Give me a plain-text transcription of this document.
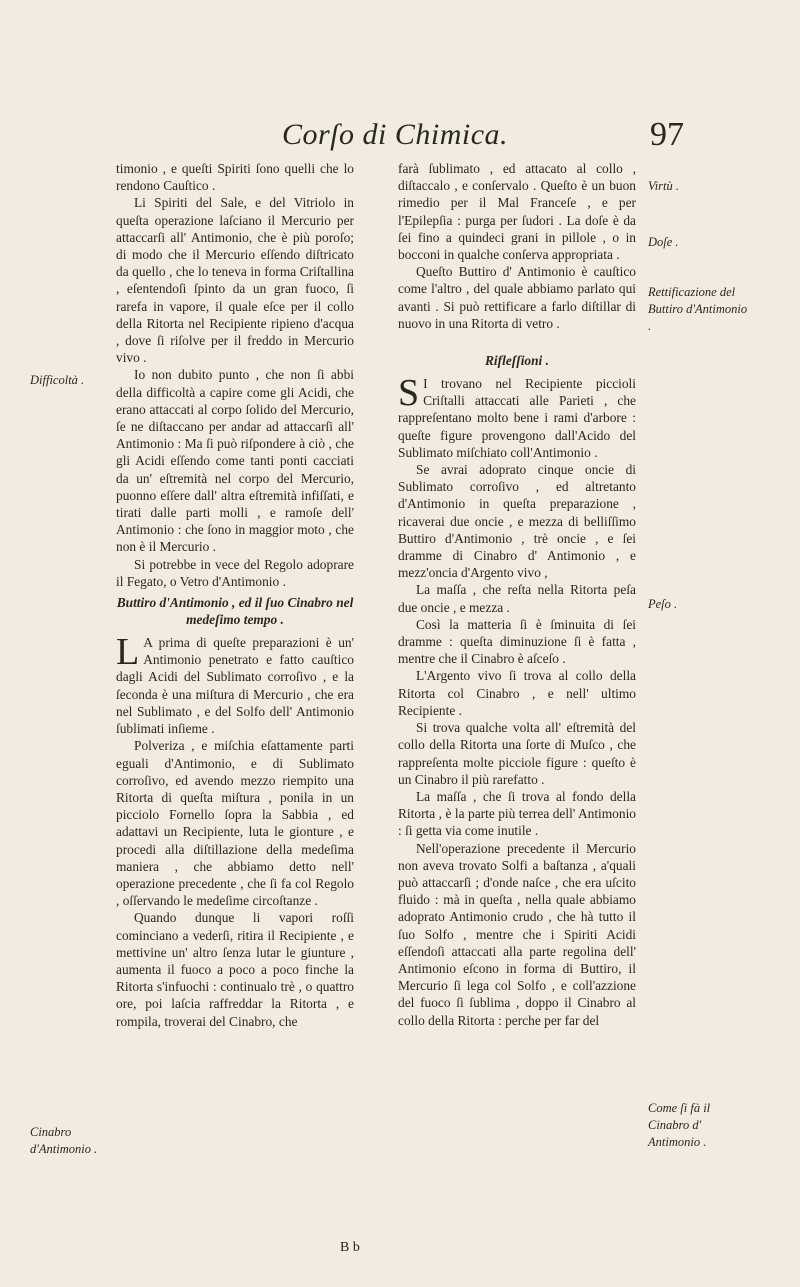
Corſo di Chimica.	97

timonio , e queſti Spiriti ſono quelli che lo rendono Cauſtico .

Li Spiriti del Sale, e del Vitriolo in queſta operazione laſciano il Mercurio per attaccarſi all' Antimonio, che è più poroſo; di modo che il Mercurio eſſendo diſtricato da quello , che lo teneva in forma Criſtallina , eſentendoſi ſpinto da un gran fuoco, ſi rarefa in vapore, il quale eſce per il collo della Ritorta nel Recipiente ripieno d'acqua , dove ſi riſolve per il freddo in Mercurio vivo .

Io non dubito punto , che non ſi abbi della difficoltà a capire come gli Acidi, che erano attaccati al corpo ſolido del Mercurio, ſe ne diſtaccano per andar ad attaccarſi all' Antimonio : Ma ſi può riſpondere à ciò , che gli Acidi eſſendo come tanti ponti cacciati da un' eſtremità nel corpo del Mercurio, puonno eſſere dall' altra eſtremità infiſſati, e tirati dalle parti molli , e ramoſe dell' Antimonio : che ſono in maggior moto , che non è il Mercurio .

Si potrebbe in vece del Regolo adoprare il Fegato, o Vetro d'Antimonio .

Buttiro d'Antimonio , ed il ſuo Cinabro nel medeſimo tempo .

L A prima di queſte preparazioni è un' Antimonio penetrato e fatto cauſtico dagli Acidi del Sublimato corroſivo , e la ſeconda è una miſtura di Mercurio , che era nel Sublimato , e del Solfo dell' Antimonio ſublimati inſieme .

Polveriza , e miſchia eſattamente parti eguali d'Antimonio, e di Sublimato corroſivo, ed avendo mezzo riempito una Ritorta di queſta miſtura , ponila in un picciolo Fornello ſopra la Sabbia , ed adattavi un Recipiente, luta le gionture , e procedi alla diſtillazione della medeſima maniera , che abbiamo detto nell' operazione precedente , che ſi fa col Regolo , oſſervando le medeſime circoſtanze .

Quando dunque li vapori roſſi cominciano a vederſi, ritira il Recipiente , e mettivine un' altro ſenza lutar le giunture , aumenta il fuoco a poco a poco finche la Ritorta s'infuochi : continualo trè , o quattro ore, poi laſcia raffreddar la Ritorta , e rompila, troverai del Cinabro, che

farà ſublimato , ed attacato al collo , diſtaccalo , e conſervalo . Queſto è un buon rimedio per il Mal Franceſe , e per l'Epilepſia : purga per ſudori . La doſe è da ſei fino a quindeci grani in pillole , o in bocconi in qualche conſerva appropriata .

Queſto Buttiro d' Antimonio è cauſtico come l'altro , del quale abbiamo parlato qui avanti . Si può rettificare a farlo diſtillar di nuovo in una Ritorta di vetro .

Rifleſſioni .

S I trovano nel Recipiente piccioli Criſtalli attaccati alle Parieti , che rappreſentano molto bene i rami d'arbore : queſte figure provengono dall'Acido del Sublimato miſchiato coll'Antimonio .

Se avrai adoprato cinque oncie di Sublimato corroſivo , ed altretanto d'Antimonio in queſta preparazione , ricaverai due oncie , e mezza di belliſſimo Buttiro d'Antimonio , trè oncie , e ſei dramme di Cinabro d' Antimonio , e mezz'oncia d'Argento vivo ,

La maſſa , che reſta nella Ritorta peſa due oncie , e mezza .

Così la matteria ſi è ſminuita di ſei dramme : queſta diminuzione ſi è fatta , mentre che il Cinabro è aſceſo .

L'Argento vivo ſi trova al collo della Ritorta col Cinabro , e nell' ultimo Recipiente .

Si trova qualche volta all' eſtremità del collo della Ritorta una ſorte di Muſco , che rappreſenta molte picciole figure : queſto è un Cinabro il più rarefatto .

La maſſa , che ſi trova al fondo della Ritorta , è la parte più terrea dell' Antimonio : ſi getta via come inutile .

Nell'operazione precedente il Mercurio non aveva trovato Solfi a baſtanza , a'quali può attaccarſi ; d'onde naſce , che era uſcito fluido : mà in queſta , nella quale abbiamo adoprato Antimonio crudo , che hà tutto il ſuo Solfo , mentre che i Spiriti Acidi eſſendoſi attaccati alla parte regolina dell' Antimonio eſcono in forma di Buttiro, il Mercurio ſi lega col Solfo , e coll'azzione del fuoco ſi ſublima , doppo il Cinabro al collo della Ritorta : perche per far del

Difficoltà .
Cinabro d'Antimonio .
Virtù .
Doſe .
Rettificazione del Buttiro d'Antimonio .
Peſo .
Come ſi fà il Cinabro d' Antimonio .
B b
